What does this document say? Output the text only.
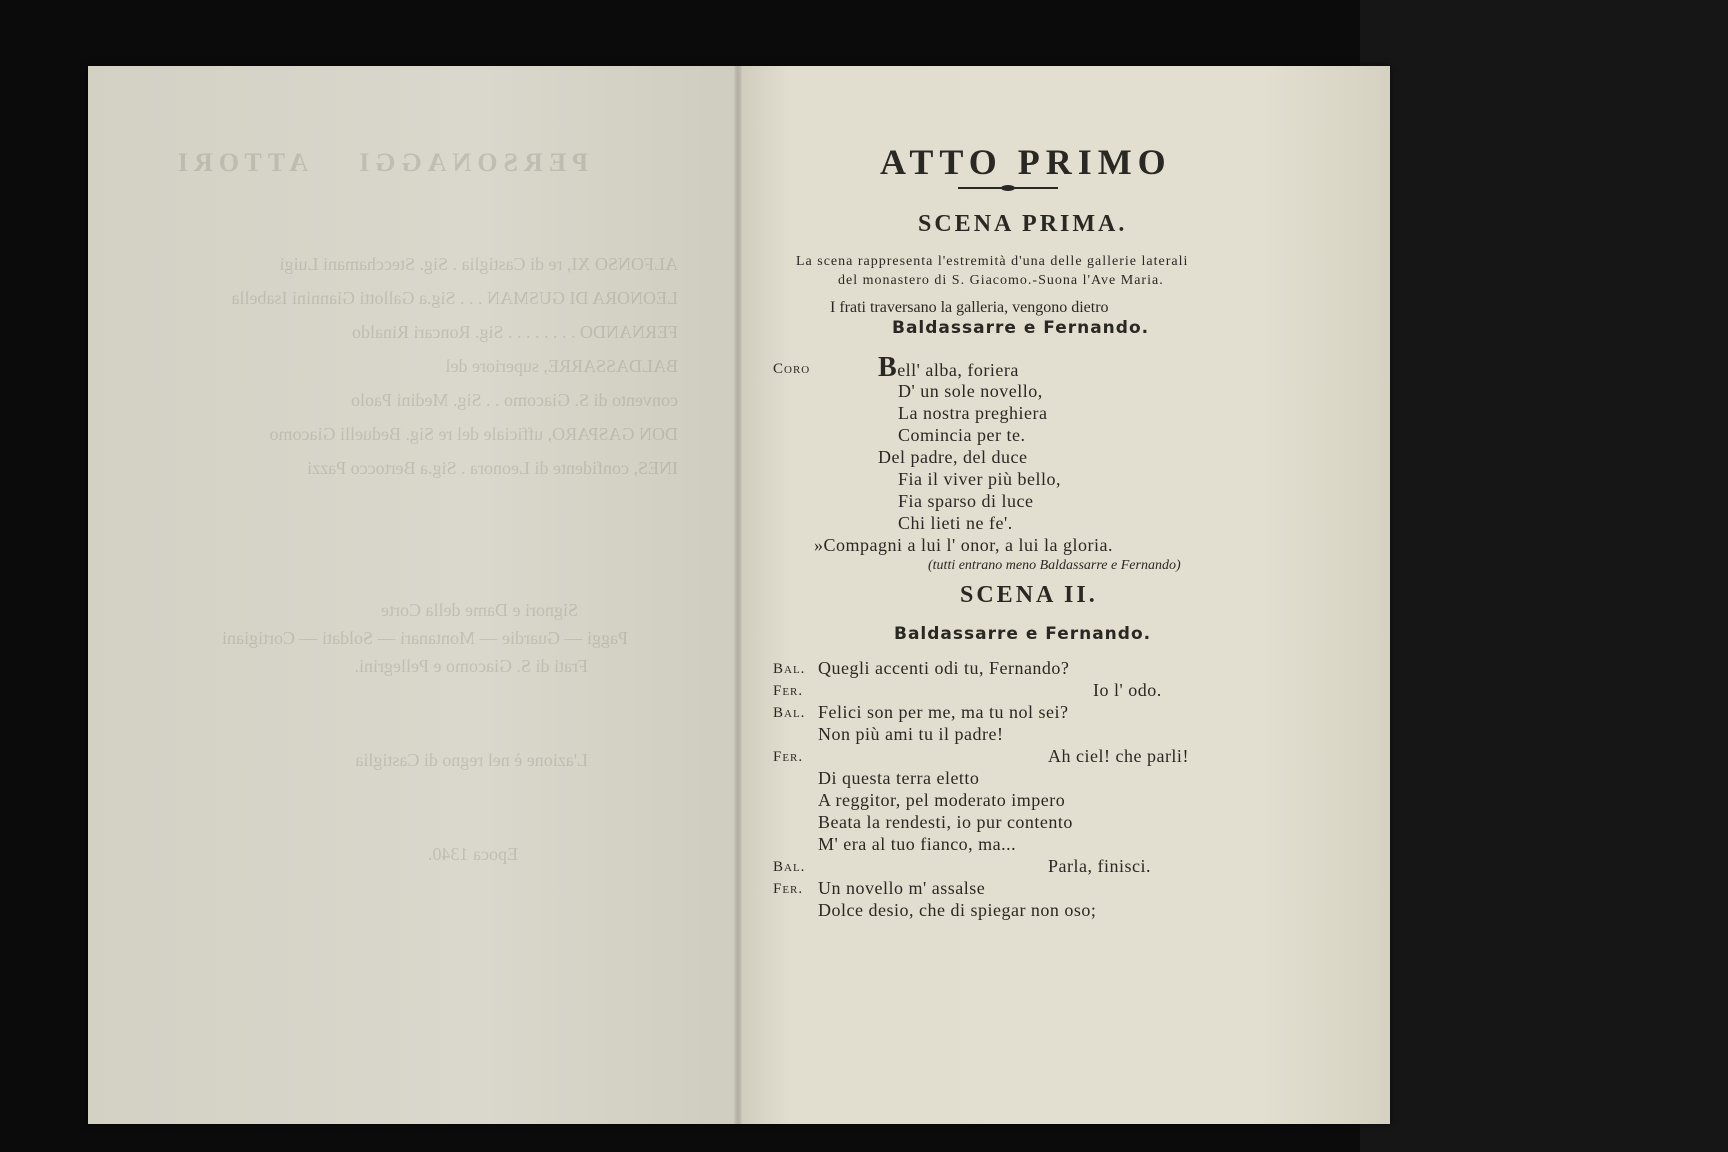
PERSONAGGI
ATTORI
ALFONSO XI, re di Castiglia . Sig. Stecchamani Luigi
LEONORA DI GUSMAN . . . Sig.a Gallotti Giannini Isabella
FERNANDO . . . . . . . . Sig. Roncari Rinaldo
BALDASSARRE, superiore del
convento di S. Giacomo . . Sig. Medini Paolo
DON GASPARO, ufficiale del re Sig. Beduelli Giacomo
INES, confidente di Leonora . Sig.a Bertocco Pazzi
Signori e Dame della Corte
Paggi — Guardie — Montanari — Soldati — Cortigiani
Frati di S. Giacomo e Pellegrini.
L'azione è nel regno di Castiglia
Epoca 1340.
ATTO PRIMO
SCENA PRIMA.
La scena rappresenta l'estremità d'una delle gallerie laterali
del monastero di S. Giacomo.-Suona l'Ave Maria.
I frati traversano la galleria, vengono dietro
Baldassarre e Fernando.
Coro Bell' alba, foriera
D' un sole novello,
La nostra preghiera
Comincia per te.
Del padre, del duce
Fia il viver più bello,
Fia sparso di luce
Chi lieti ne fe'.
»Compagni a lui l' onor, a lui la gloria.
(tutti entrano meno Baldassarre e Fernando)
SCENA II.
Baldassarre e Fernando.
Bal. Quegli accenti odi tu, Fernando?
Fer.	Io l' odo.
Bal. Felici son per me, ma tu nol sei?
Non più ami tu il padre!
Fer.	Ah ciel! che parli!
Di questa terra eletto
A reggitor, pel moderato impero
Beata la rendesti, io pur contento
M' era al tuo fianco, ma...
Bal.	Parla, finisci.
Fer. Un novello m' assalse
Dolce desio, che di spiegar non oso;
